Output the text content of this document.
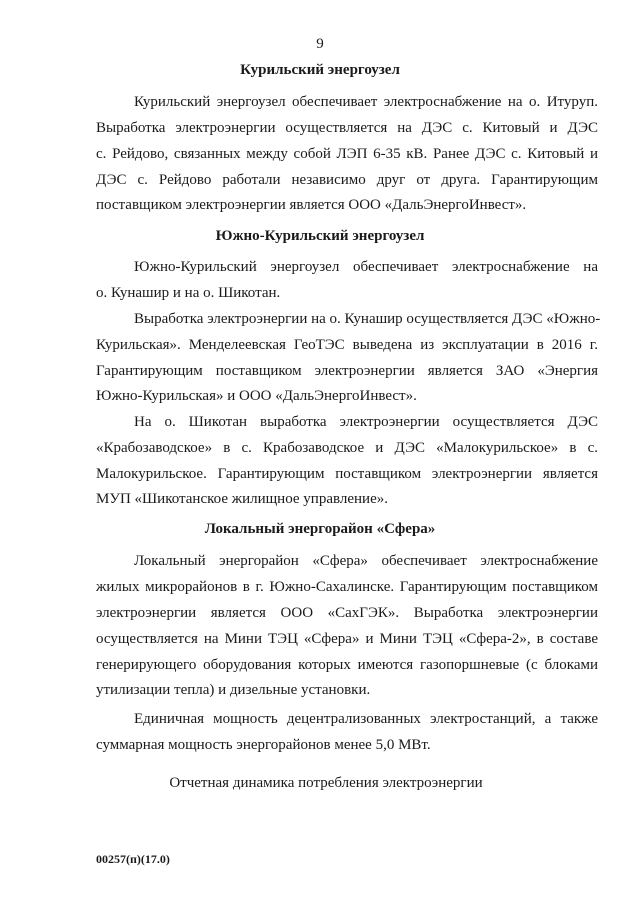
9
Курильский энергоузел
Курильский энергоузел обеспечивает электроснабжение на о. Итуруп.
Выработка электроэнергии осуществляется на ДЭС с. Китовый и ДЭС
с. Рейдово, связанных между собой ЛЭП 6-35 кВ. Ранее ДЭС с. Китовый и
ДЭС с. Рейдово работали независимо друг от друга. Гарантирующим
поставщиком электроэнергии является ООО «ДальЭнергоИнвест».
Южно-Курильский энергоузел
Южно-Курильский энергоузел обеспечивает электроснабжение на
о. Кунашир и на о. Шикотан.
Выработка электроэнергии на о. Кунашир осуществляется ДЭС «Южно-
Курильская». Менделеевская ГеоТЭС выведена из эксплуатации в 2016 г.
Гарантирующим поставщиком электроэнергии является ЗАО «Энергия
Южно-Курильская» и ООО «ДальЭнергоИнвест».
На о. Шикотан выработка электроэнергии осуществляется ДЭС
«Крабозаводское» в с. Крабозаводское и ДЭС «Малокурильское» в с.
Малокурильское. Гарантирующим поставщиком электроэнергии является
МУП «Шикотанское жилищное управление».
Локальный энергорайон «Сфера»
Локальный энергорайон «Сфера» обеспечивает электроснабжение
жилых микрорайонов в г. Южно-Сахалинске. Гарантирующим поставщиком
электроэнергии является ООО «СахГЭК». Выработка электроэнергии
осуществляется на Мини ТЭЦ «Сфера» и Мини ТЭЦ «Сфера-2», в составе
генерирующего оборудования которых имеются газопоршневые (с блоками
утилизации тепла) и дизельные установки.
Единичная мощность децентрализованных электростанций, а также
суммарная мощность энергорайонов менее 5,0 МВт.
Отчетная динамика потребления электроэнергии
00257(п)(17.0)
